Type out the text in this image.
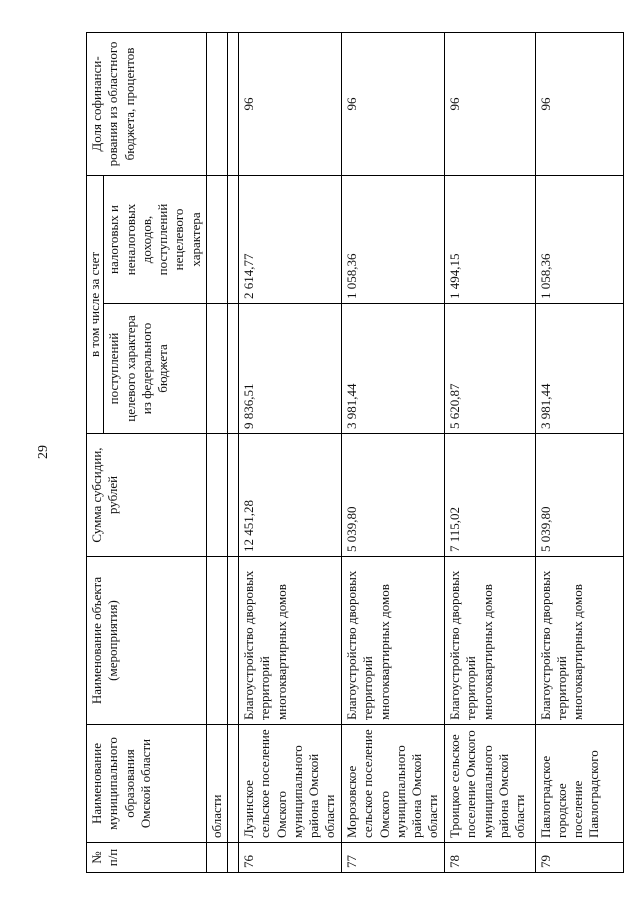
29
№ п/п	Наименование муниципального образования Омской области	Наименование объекта (мероприятия)	Сумма субсидии, рублей	в том числе за счет		Доля софинанси-рования из областного бюджета, процентов
				поступлений целевого характера из федерального бюджета	налоговых и неналоговых доходов, поступлений нецелевого характера	
	области					

76	Лузинское сельское поселение Омского муниципального района Омской области	Благоустройство дворовых территорий многоквартирных домов	12 451,28	9 836,51	2 614,77	96
77	Морозовское сельское поселение Омского муниципального района Омской области	Благоустройство дворовых территорий многоквартирных домов	5 039,80	3 981,44	1 058,36	96
78	Троицкое сельское поселение Омского муниципального района Омской области	Благоустройство дворовых территорий многоквартирных домов	7 115,02	5 620,87	1 494,15	96
79	Павлоградское городское поселение Павлоградского	Благоустройство дворовых территорий многоквартирных домов	5 039,80	3 981,44	1 058,36	96
